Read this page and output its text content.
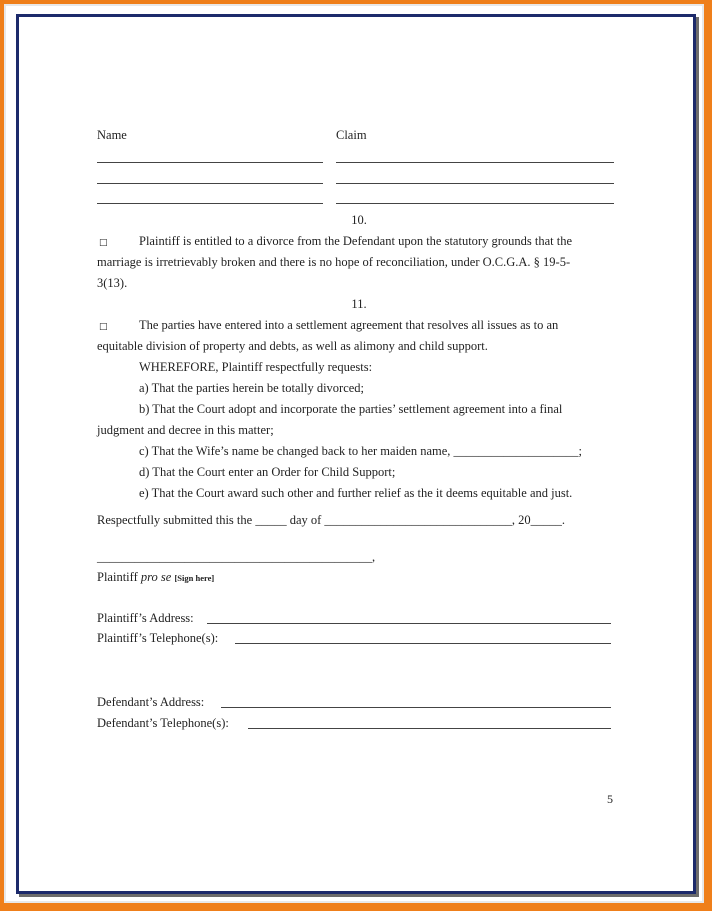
Name	Claim
10.
□	Plaintiff is entitled to a divorce from the Defendant upon the statutory grounds that the
marriage is irretrievably broken and there is no hope of reconciliation, under O.C.G.A. § 19-5-
3(13).
11.
□	The parties have entered into a settlement agreement that resolves all issues as to an
equitable division of property and debts, as well as alimony and child support.
WHEREFORE, Plaintiff respectfully requests:
a) That the parties herein be totally divorced;
b) That the Court adopt and incorporate the parties’ settlement agreement into a final
judgment and decree in this matter;
c) That the Wife’s name be changed back to her maiden name, ____________________;
d) That the Court enter an Order for Child Support;
e) That the Court award such other and further relief as the it deems equitable and just.
Respectfully submitted this the _____ day of ______________________________, 20_____.
____________________________________________,
Plaintiff pro se [Sign here]
Plaintiff’s Address:
Plaintiff’s Telephone(s):
Defendant’s Address:
Defendant’s Telephone(s):
5
